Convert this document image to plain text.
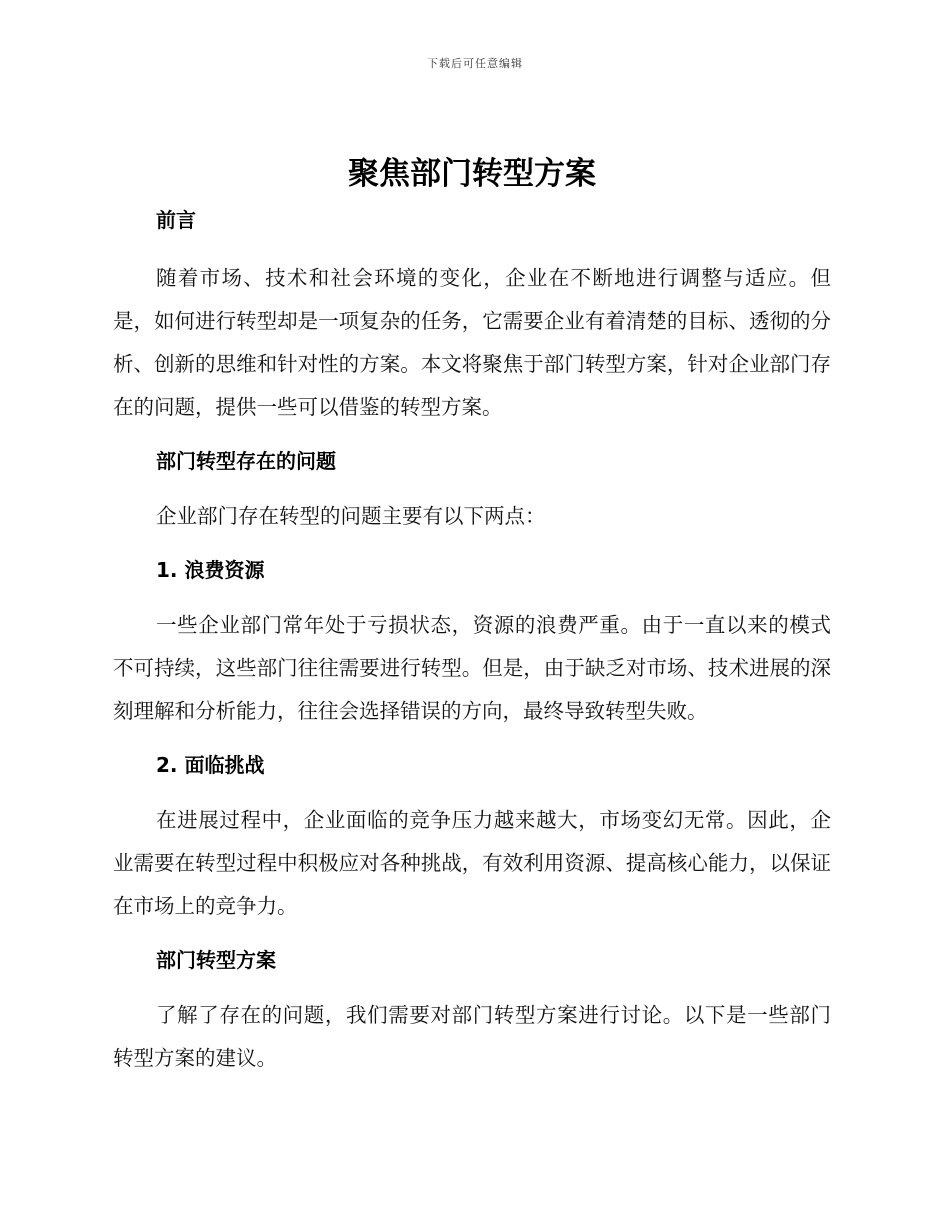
下载后可任意编辑
聚焦部门转型方案
前言

随着市场、技术和社会环境的变化，企业在不断地进行调整与适应。但是，如何进行转型却是一项复杂的任务，它需要企业有着清楚的目标、透彻的分析、创新的思维和针对性的方案。本文将聚焦于部门转型方案，针对企业部门存在的问题，提供一些可以借鉴的转型方案。

部门转型存在的问题

企业部门存在转型的问题主要有以下两点：

1. 浪费资源

一些企业部门常年处于亏损状态，资源的浪费严重。由于一直以来的模式不可持续，这些部门往往需要进行转型。但是，由于缺乏对市场、技术进展的深刻理解和分析能力，往往会选择错误的方向，最终导致转型失败。

2. 面临挑战

在进展过程中，企业面临的竞争压力越来越大，市场变幻无常。因此，企业需要在转型过程中积极应对各种挑战，有效利用资源、提高核心能力，以保证在市场上的竞争力。

部门转型方案

了解了存在的问题，我们需要对部门转型方案进行讨论。以下是一些部门转型方案的建议。
